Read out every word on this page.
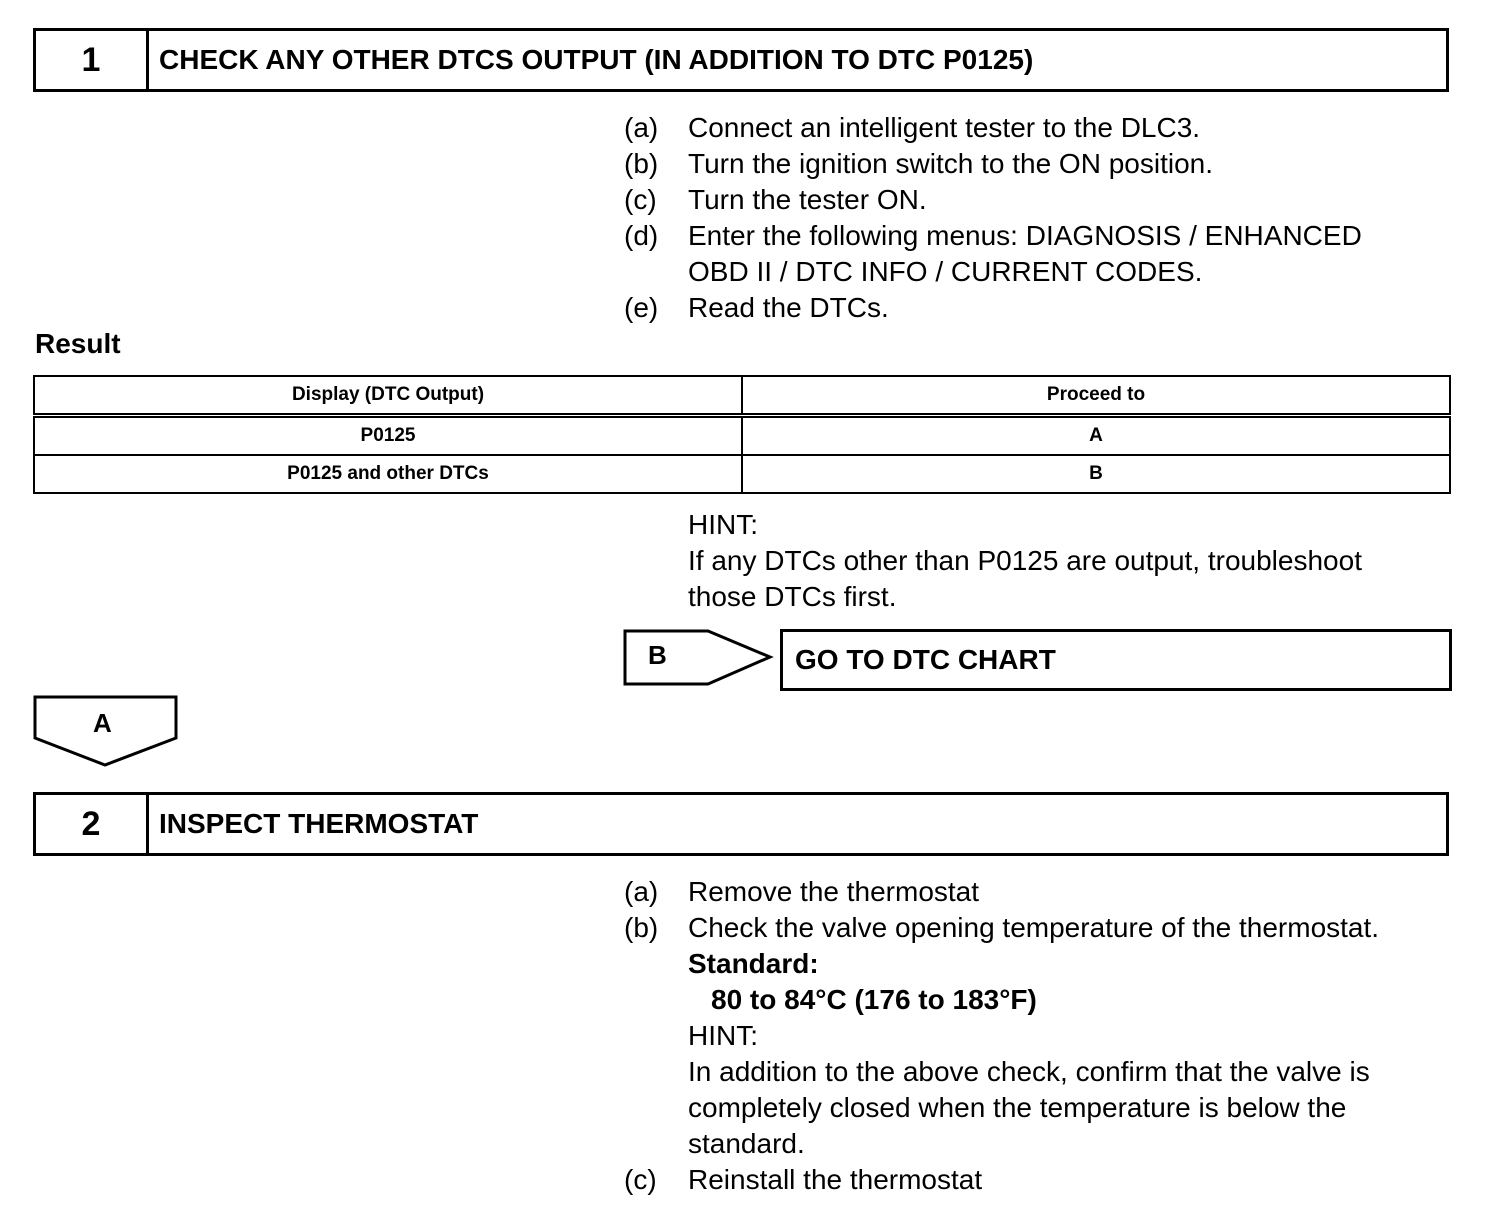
1	CHECK ANY OTHER DTCS OUTPUT (IN ADDITION TO DTC P0125)
(a) Connect an intelligent tester to the DLC3.
(b) Turn the ignition switch to the ON position.
(c) Turn the tester ON.
(d) Enter the following menus: DIAGNOSIS / ENHANCED
OBD II / DTC INFO / CURRENT CODES.
(e) Read the DTCs.
Result
Display (DTC Output)	Proceed to
P0125	A
P0125 and other DTCs	B
HINT:
If any DTCs other than P0125 are output, troubleshoot
those DTCs first.
B	GO TO DTC CHART
A
2	INSPECT THERMOSTAT
(a) Remove the thermostat
(b) Check the valve opening temperature of the thermostat.
Standard:
80 to 84°C (176 to 183°F)
HINT:
In addition to the above check, confirm that the valve is
completely closed when the temperature is below the
standard.
(c) Reinstall the thermostat
